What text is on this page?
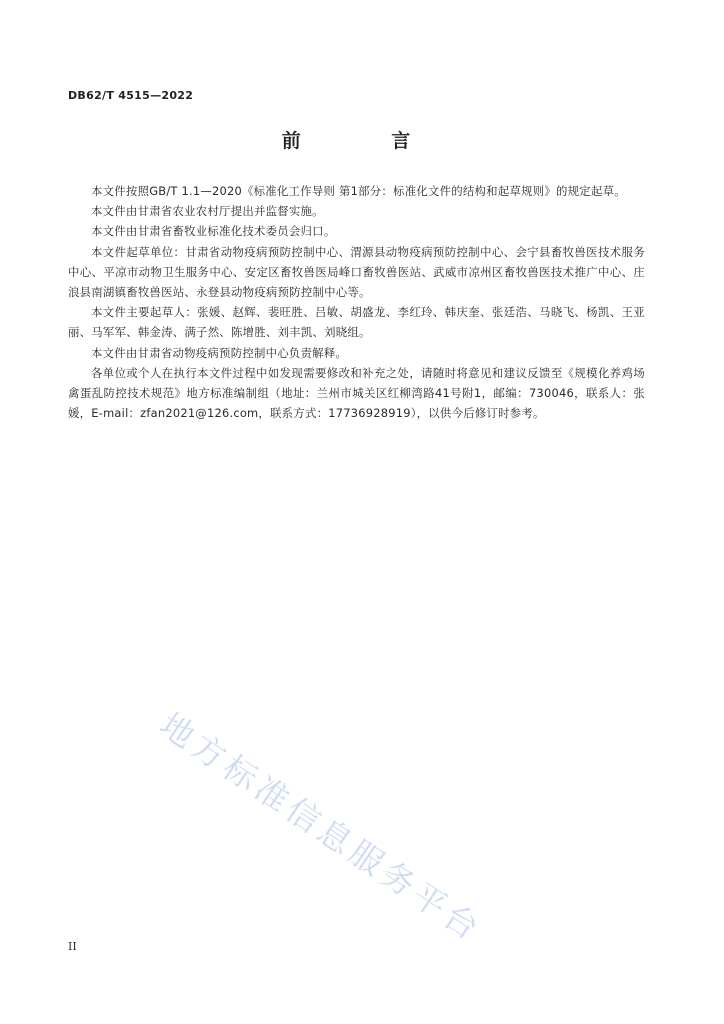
DB62/T 4515—2022
前 言

本文件按照GB/T 1.1—2020《标准化工作导则 第1部分：标准化文件的结构和起草规则》的规定起草。

本文件由甘肃省农业农村厅提出并监督实施。

本文件由甘肃省畜牧业标准化技术委员会归口。

本文件起草单位：甘肃省动物疫病预防控制中心、渭源县动物疫病预防控制中心、会宁县畜牧兽医技术服务中心、平凉市动物卫生服务中心、安定区畜牧兽医局峰口畜牧兽医站、武威市凉州区畜牧兽医技术推广中心、庄浪县南湖镇畜牧兽医站、永登县动物疫病预防控制中心等。

本文件主要起草人：张媛、赵辉、裴旺胜、吕敏、胡盛龙、李红玲、韩庆奎、张廷浩、马晓飞、杨凯、王亚丽、马军军、韩金涛、满子然、陈增胜、刘丰凯、刘晓组。

本文件由甘肃省动物疫病预防控制中心负责解释。

各单位或个人在执行本文件过程中如发现需要修改和补充之处，请随时将意见和建议反馈至《规模化养鸡场禽蛋乱防控技术规范》地方标准编制组（地址：兰州市城关区红柳湾路41号附1，邮编：730046，联系人：张媛，E-mail：zfan2021@126.com，联系方式：17736928919），以供今后修订时参考。

地方标准信息服务平台
II
